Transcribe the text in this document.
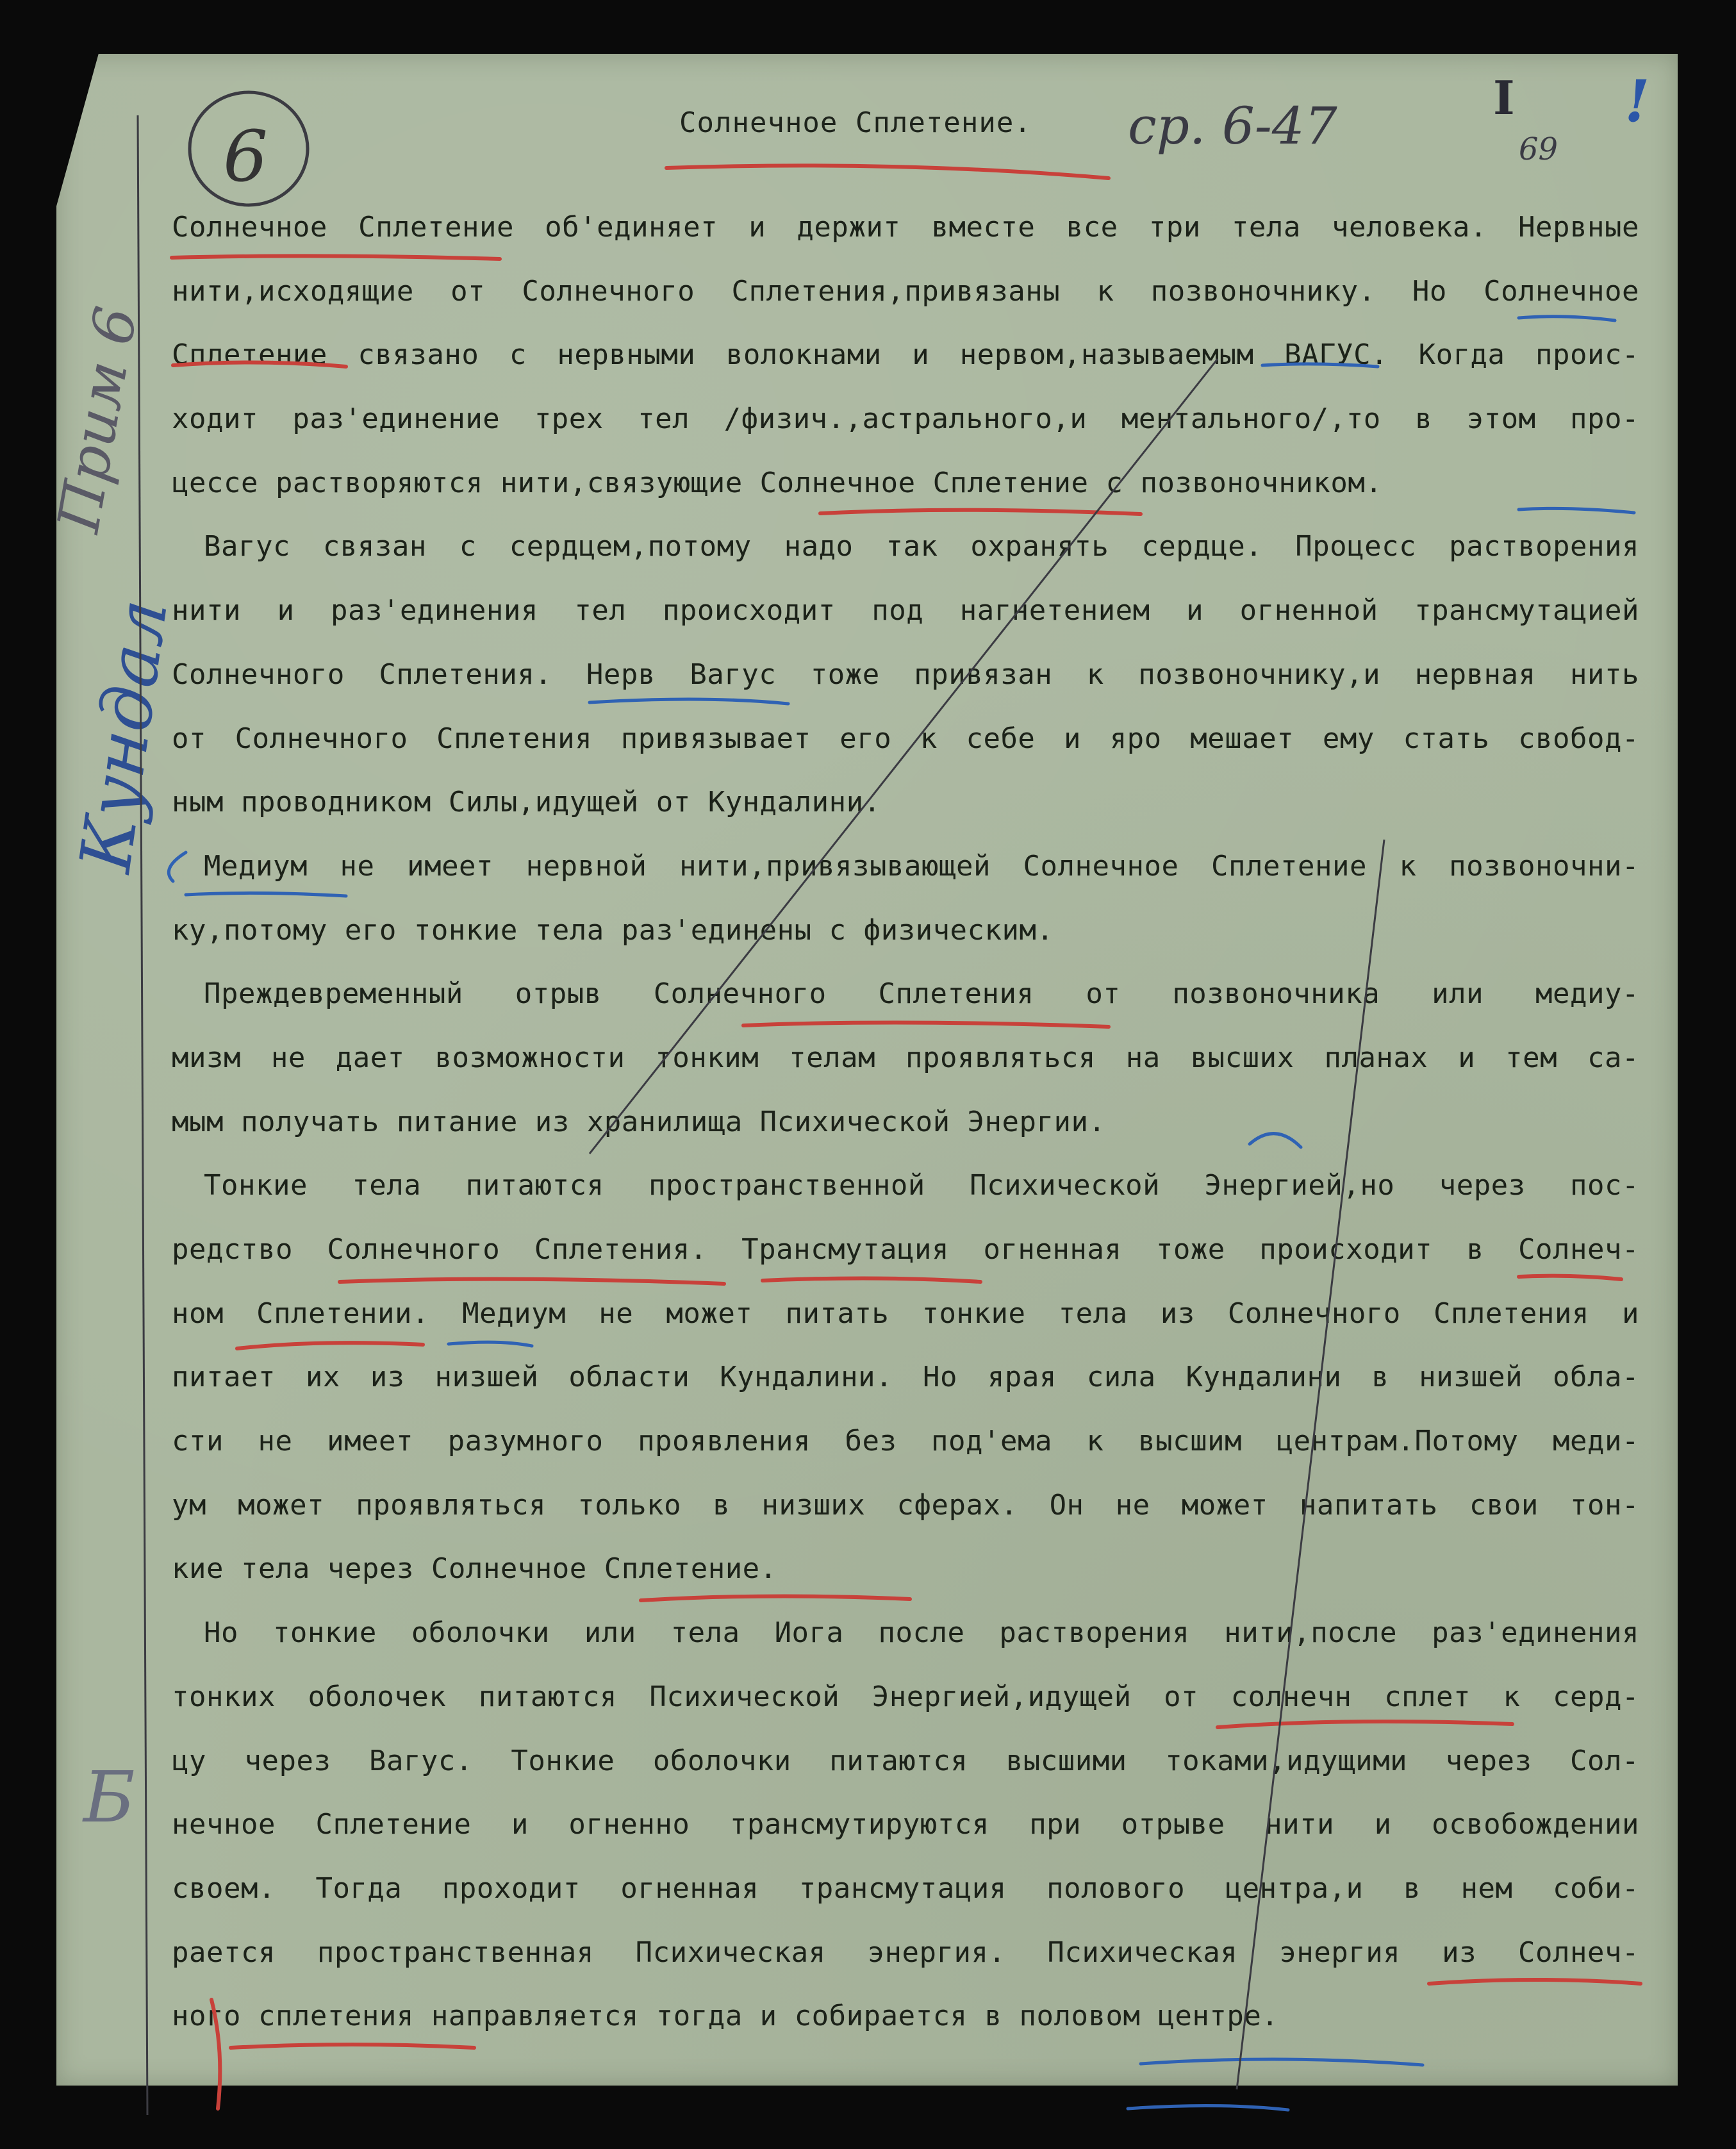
Солнечное Сплетение.
Солнечное Сплетение об'единяет и держит вместе все три тела человека. Нервные
нити,исходящие от Солнечного Сплетения,привязаны к позвоночнику. Но Солнечное
Сплетение связано с нервными волокнами и нервом,называемым ВАГУС. Когда проис-
ходит раз'единение трех тел /физич.,астрального,и ментального/,то в этом про-
цессе растворяются нити,связующие Солнечное Сплетение с позвоночником.
Вагус связан с сердцем,потому надо так охранять сердце. Процесс растворения
нити и раз'единения тел происходит под нагнетением и огненной трансмутацией
Солнечного Сплетения. Нерв Вагус тоже привязан к позвоночнику,и нервная нить
от Солнечного Сплетения привязывает его к себе и яро мешает ему стать свобод-
ным проводником Силы,идущей от Кундалини.
Медиум не имеет нервной нити,привязывающей Солнечное Сплетение к позвоночни-
ку,потому его тонкие тела раз'единены с физическим.
Преждевременный отрыв Солнечного Сплетения от позвоночника или медиу-
мизм не дает возможности тонким телам проявляться на высших планах и тем са-
мым получать питание из хранилища Психической Энергии.
Тонкие тела питаются пространственной Психической Энергией,но через пос-
редство Солнечного Сплетения. Трансмутация огненная тоже происходит в Солнеч-
ном Сплетении. Медиум не может питать тонкие тела из Солнечного Сплетения и
питает их из низшей области Кундалини. Но ярая сила Кундалини в низшей обла-
сти не имеет разумного проявления без под'ема к высшим центрам.Потому меди-
ум может проявляться только в низших сферах. Он не может напитать свои тон-
кие тела через Солнечное Сплетение.
Но тонкие оболочки или тела Иога после растворения нити,после раз'единения
тонких оболочек питаются Психической Энергией,идущей от солнечн сплет к серд-
цу через Вагус. Тонкие оболочки питаются высшими токами,идущими через Сол-
нечное Сплетение и огненно трансмутируются при отрыве нити и освобождении
своем. Тогда проходит огненная трансмутация полового центра,и в нем соби-
рается пространственная Психическая энергия. Психическая энергия из Солнеч-
ного сплетения направляется тогда и собирается в половом центре.
6	ср. 6-47	I
69
!
Кундал
Прим 6
Б
